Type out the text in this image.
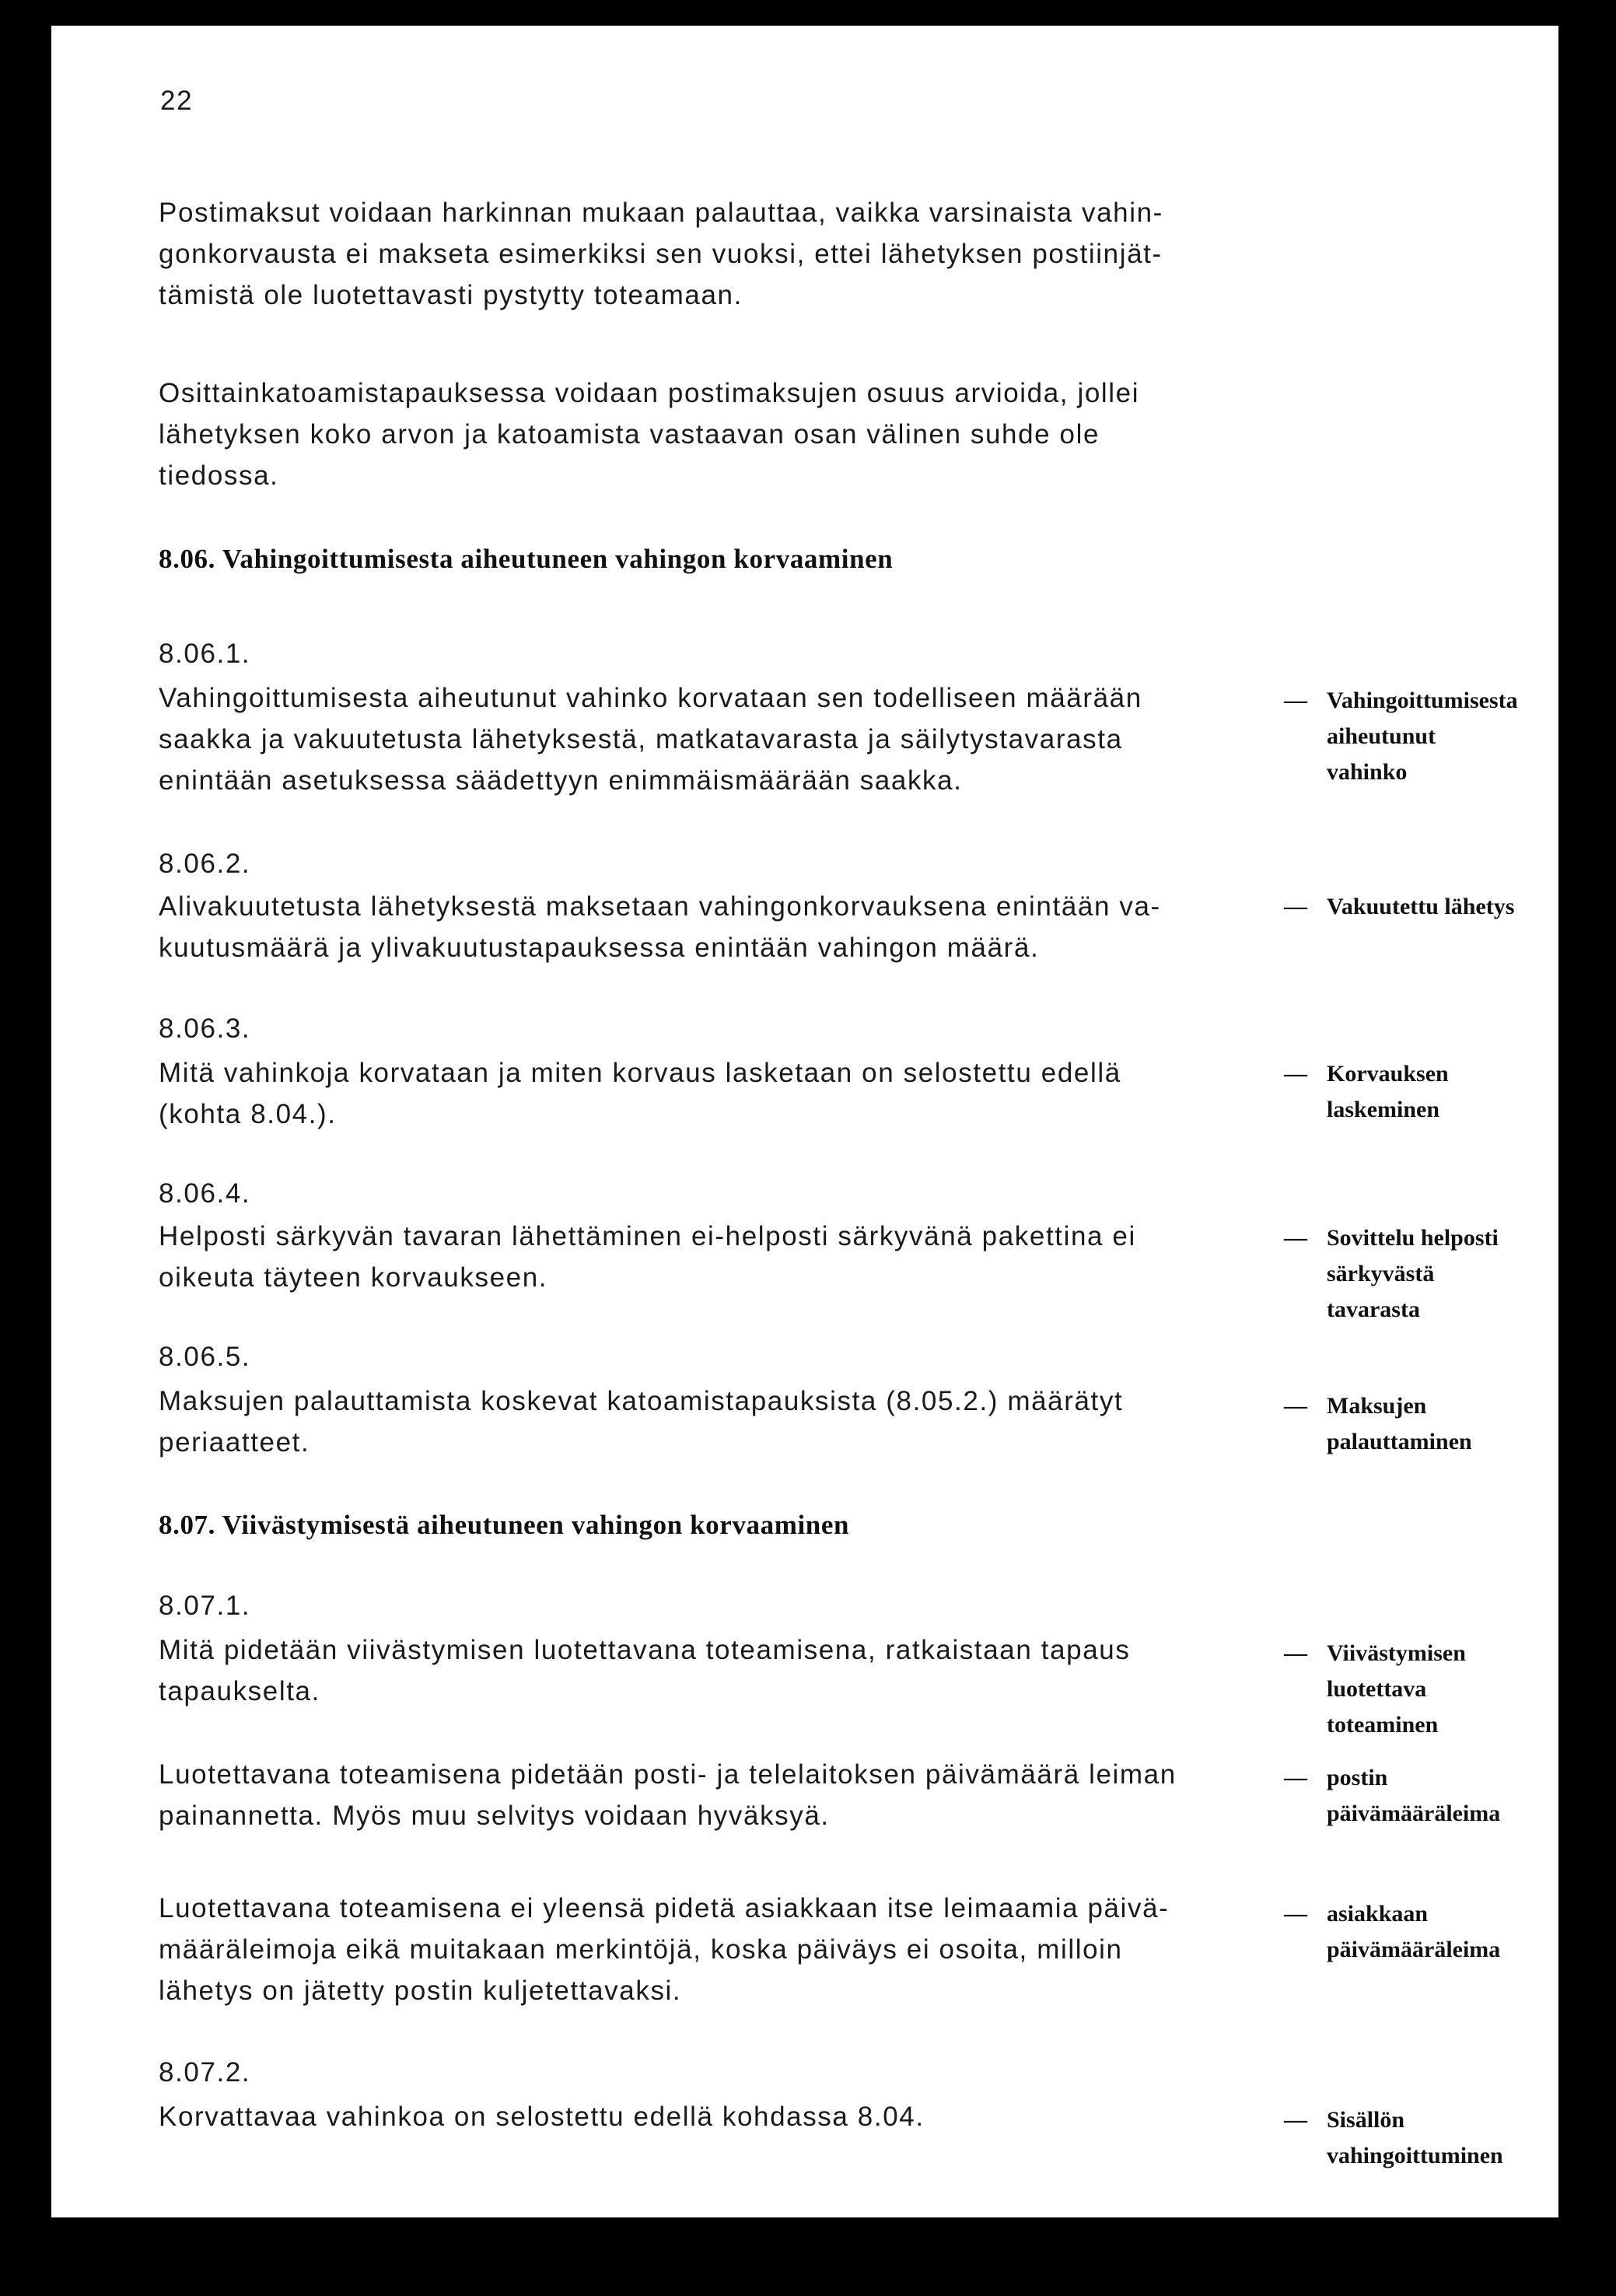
22
Postimaksut voidaan harkinnan mukaan palauttaa, vaikka varsinaista vahin-
gonkorvausta ei makseta esimerkiksi sen vuoksi, ettei lähetyksen postiinjät-
tämistä ole luotettavasti pystytty toteamaan.
Osittainkatoamistapauksessa voidaan postimaksujen osuus arvioida, jollei
lähetyksen koko arvon ja katoamista vastaavan osan välinen suhde ole
tiedossa.
8.06. Vahingoittumisesta aiheutuneen vahingon korvaaminen
8.06.1.
Vahingoittumisesta aiheutunut vahinko korvataan sen todelliseen määrään
saakka ja vakuutetusta lähetyksestä, matkatavarasta ja säilytystavarasta
enintään asetuksessa säädettyyn enimmäismäärään saakka.
— Vahingoittumisesta
aiheutunut
vahinko
8.06.2.
Alivakuutetusta lähetyksestä maksetaan vahingonkorvauksena enintään va-
kuutusmäärä ja ylivakuutustapauksessa enintään vahingon määrä.
— Vakuutettu lähetys
8.06.3.
Mitä vahinkoja korvataan ja miten korvaus lasketaan on selostettu edellä
(kohta 8.04.).
— Korvauksen
laskeminen
8.06.4.
Helposti särkyvän tavaran lähettäminen ei-helposti särkyvänä pakettina ei
oikeuta täyteen korvaukseen.
— Sovittelu helposti
särkyvästä
tavarasta
8.06.5.
Maksujen palauttamista koskevat katoamistapauksista (8.05.2.) määrätyt
periaatteet.
— Maksujen
palauttaminen
8.07. Viivästymisestä aiheutuneen vahingon korvaaminen
8.07.1.
Mitä pidetään viivästymisen luotettavana toteamisena, ratkaistaan tapaus
tapaukselta.
— Viivästymisen
luotettava
toteaminen
Luotettavana toteamisena pidetään posti- ja telelaitoksen päivämäärä leiman
painannetta. Myös muu selvitys voidaan hyväksyä.
— postin
päivämääräleima
Luotettavana toteamisena ei yleensä pidetä asiakkaan itse leimaamia päivä-
määräleimoja eikä muitakaan merkintöjä, koska päiväys ei osoita, milloin
lähetys on jätetty postin kuljetettavaksi.
— asiakkaan
päivämääräleima
8.07.2.
Korvattavaa vahinkoa on selostettu edellä kohdassa 8.04.	— Sisällön
vahingoittuminen
